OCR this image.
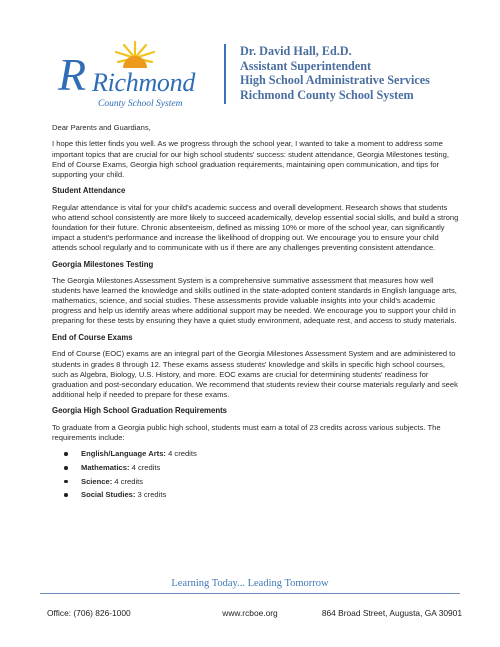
R Richmond
County School System
Dr. David Hall, Ed.D.
Assistant Superintendent
High School Administrative Services
Richmond County School System

Dear Parents and Guardians,

I hope this letter finds you well. As we progress through the school year, I wanted to take a moment to address some important topics that are crucial for our high school students' success: student attendance, Georgia Milestones testing, End of Course Exams, Georgia high school graduation requirements, maintaining open communication, and tips for supporting your child.

Student Attendance

Regular attendance is vital for your child's academic success and overall development. Research shows that students who attend school consistently are more likely to succeed academically, develop essential social skills, and build a strong foundation for their future. Chronic absenteeism, defined as missing 10% or more of the school year, can significantly impact a student's performance and increase the likelihood of dropping out. We encourage you to ensure your child attends school regularly and to communicate with us if there are any challenges preventing consistent attendance.

Georgia Milestones Testing

The Georgia Milestones Assessment System is a comprehensive summative assessment that measures how well students have learned the knowledge and skills outlined in the state-adopted content standards in English language arts, mathematics, science, and social studies. These assessments provide valuable insights into your child's academic progress and help us identify areas where additional support may be needed. We encourage you to support your child in preparing for these tests by ensuring they have a quiet study environment, adequate rest, and access to study materials.

End of Course Exams

End of Course (EOC) exams are an integral part of the Georgia Milestones Assessment System and are administered to students in grades 8 through 12. These exams assess students' knowledge and skills in specific high school courses, such as Algebra, Biology, U.S. History, and more. EOC exams are crucial for determining students' readiness for graduation and post-secondary education. We recommend that students review their course materials regularly and seek additional help if needed to prepare for these exams.

Georgia High School Graduation Requirements

To graduate from a Georgia public high school, students must earn a total of 23 credits across various subjects. The requirements include:

English/Language Arts: 4 credits
Mathematics: 4 credits
Science: 4 credits
Social Studies: 3 credits
Learning Today... Leading Tomorrow
Office: (706) 826-1000	www.rcboe.org	864 Broad Street, Augusta, GA 30901
